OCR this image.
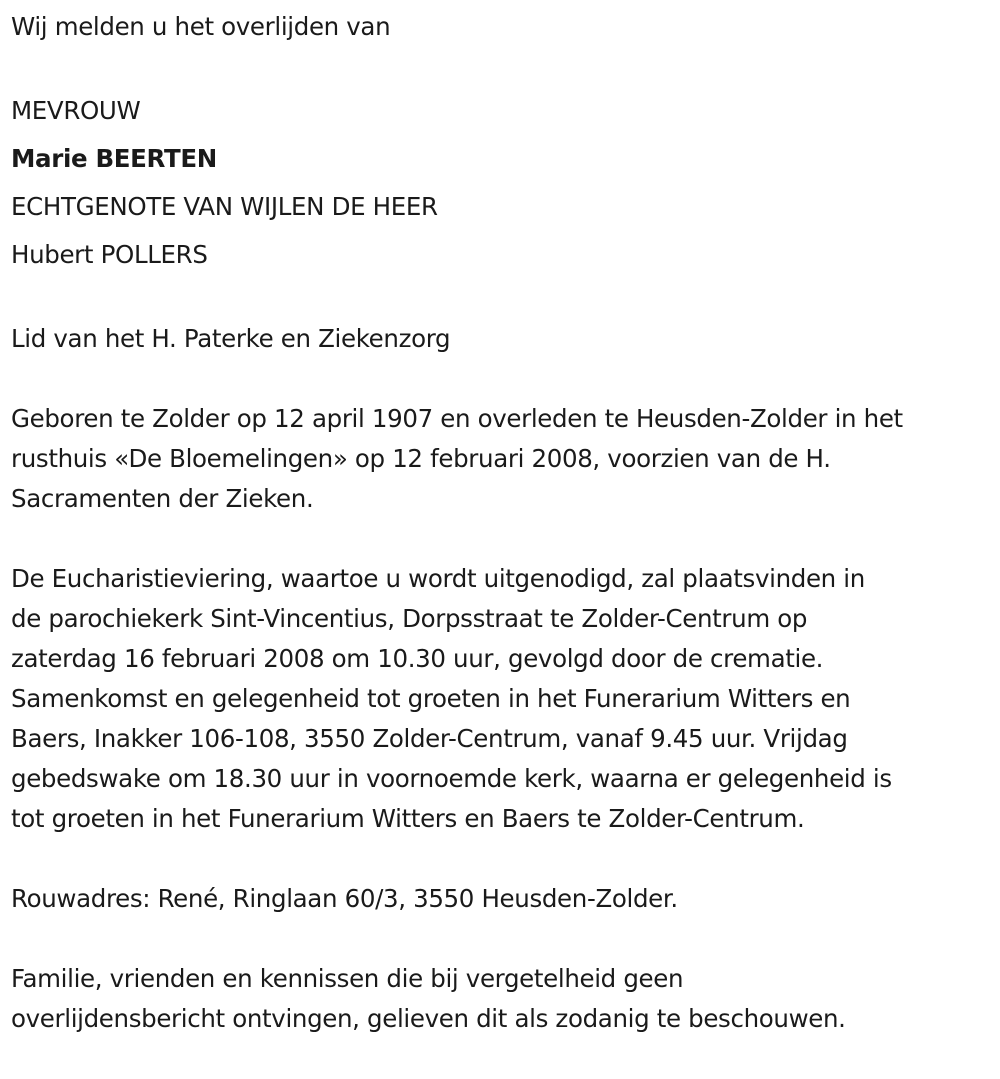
Wij melden u het overlijden van
MEVROUW
Marie BEERTEN
ECHTGENOTE VAN WIJLEN DE HEER
Hubert POLLERS
Lid van het H. Paterke en Ziekenzorg
Geboren te Zolder op 12 april 1907 en overleden te Heusden-Zolder in het
rusthuis «De Bloemelingen» op 12 februari 2008, voorzien van de H.
Sacramenten der Zieken.
De Eucharistieviering, waartoe u wordt uitgenodigd, zal plaatsvinden in
de parochiekerk Sint-Vincentius, Dorpsstraat te Zolder-Centrum op
zaterdag 16 februari 2008 om 10.30 uur, gevolgd door de crematie.
Samenkomst en gelegenheid tot groeten in het Funerarium Witters en
Baers, Inakker 106-108, 3550 Zolder-Centrum, vanaf 9.45 uur. Vrijdag
gebedswake om 18.30 uur in voornoemde kerk, waarna er gelegenheid is
tot groeten in het Funerarium Witters en Baers te Zolder-Centrum.
Rouwadres: René, Ringlaan 60/3, 3550 Heusden-Zolder.
Familie, vrienden en kennissen die bij vergetelheid geen
overlijdensbericht ontvingen, gelieven dit als zodanig te beschouwen.
